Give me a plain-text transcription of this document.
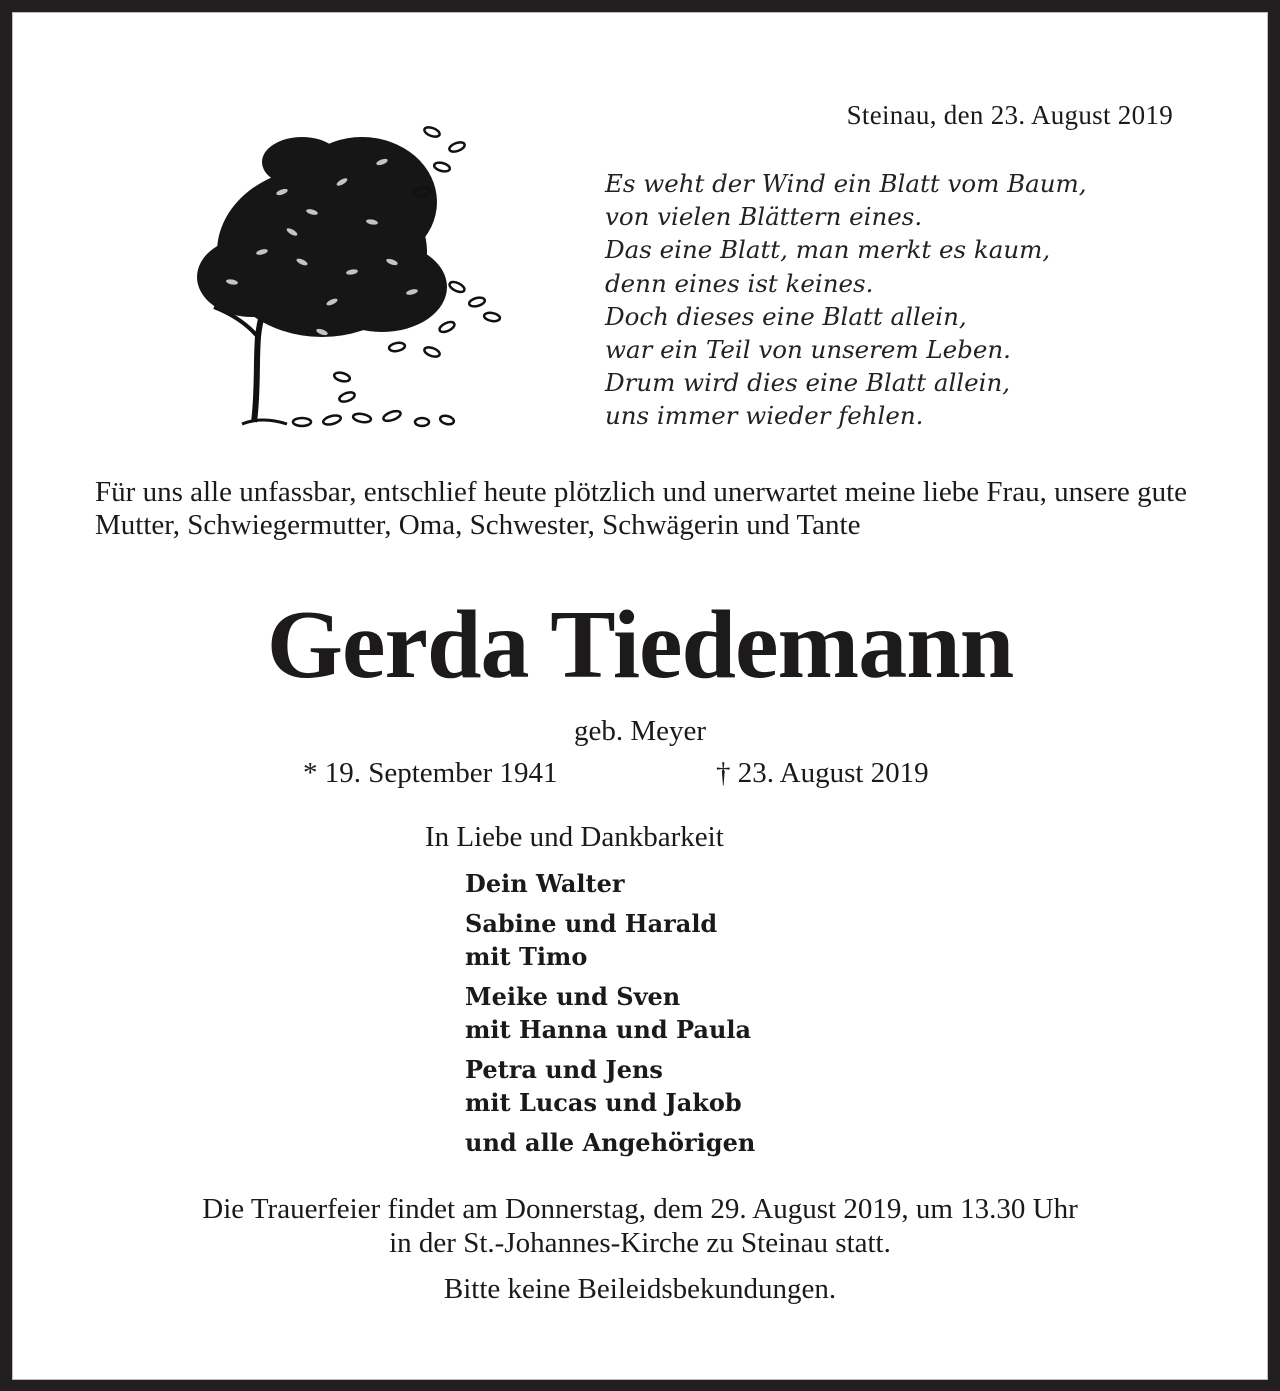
Steinau, den 23. August 2019
Es weht der Wind ein Blatt vom Baum,
von vielen Blättern eines.
Das eine Blatt, man merkt es kaum,
denn eines ist keines.
Doch dieses eine Blatt allein,
war ein Teil von unserem Leben.
Drum wird dies eine Blatt allein,
uns immer wieder fehlen.
Für uns alle unfassbar, entschlief heute plötzlich und unerwartet meine liebe Frau, unsere gute Mutter, Schwiegermutter, Oma, Schwester, Schwägerin und Tante
Gerda Tiedemann
geb. Meyer
* 19. September 1941	† 23. August 2019
In Liebe und Dankbarkeit
Dein Walter
Sabine und Harald
mit Timo
Meike und Sven
mit Hanna und Paula
Petra und Jens
mit Lucas und Jakob
und alle Angehörigen
Die Trauerfeier findet am Donnerstag, dem 29. August 2019, um 13.30 Uhr
in der St.-Johannes-Kirche zu Steinau statt.
Bitte keine Beileidsbekundungen.
